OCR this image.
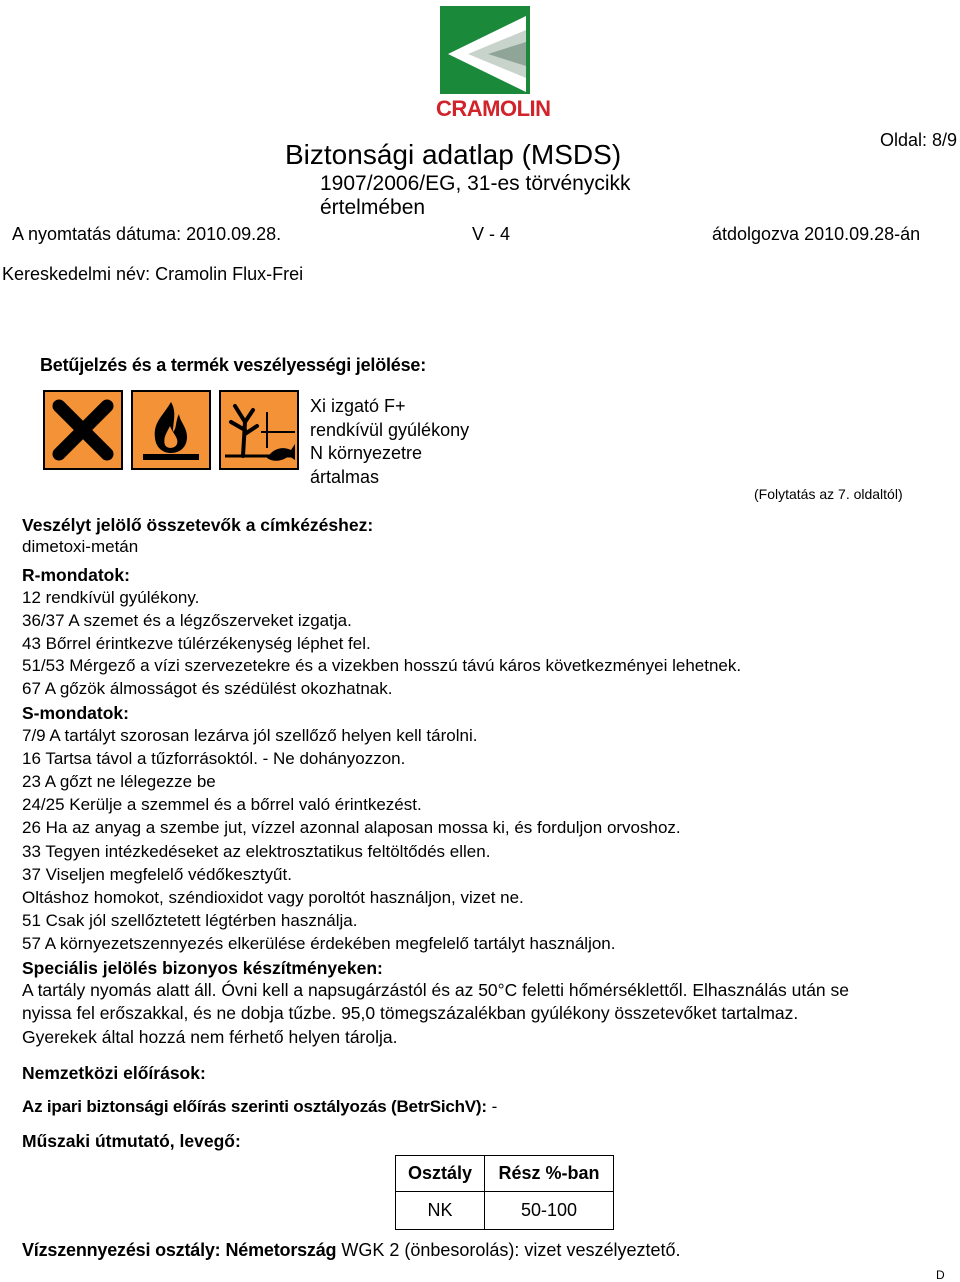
CRAMOLIN
Biztonsági adatlap (MSDS)
1907/2006/EG, 31-es törvénycikk értelmében
Oldal: 8/9
A nyomtatás dátuma: 2010.09.28.	V - 4	átdolgozva 2010.09.28-án
Kereskedelmi név: Cramolin Flux-Frei
Betűjelzés és a termék veszélyességi jelölése:
Xi izgató F+
rendkívül gyúlékony
N környezetre
ártalmas
(Folytatás az 7. oldaltól)
Veszélyt jelölő összetevők a címkézéshez:
dimetoxi-metán
R-mondatok:
12 rendkívül gyúlékony.
36/37 A szemet és a légzőszerveket izgatja.
43 Bőrrel érintkezve túlérzékenység léphet fel.
51/53 Mérgező a vízi szervezetekre és a vizekben hosszú távú káros következményei lehetnek.
67 A gőzök álmosságot és szédülést okozhatnak.
S-mondatok:
7/9 A tartályt szorosan lezárva jól szellőző helyen kell tárolni.
16 Tartsa távol a tűzforrásoktól. - Ne dohányozzon.
23 A gőzt ne lélegezze be
24/25 Kerülje a szemmel és a bőrrel való érintkezést.
26 Ha az anyag a szembe jut, vízzel azonnal alaposan mossa ki, és forduljon orvoshoz.
33 Tegyen intézkedéseket az elektrosztatikus feltöltődés ellen.
37 Viseljen megfelelő védőkesztyűt.
Oltáshoz homokot, széndioxidot vagy poroltót használjon, vizet ne.
51 Csak jól szellőztetett légtérben használja.
57 A környezetszennyezés elkerülése érdekében megfelelő tartályt használjon.
Speciális jelölés bizonyos készítményeken:
A tartály nyomás alatt áll. Óvni kell a napsugárzástól és az 50°C feletti hőmérséklettől. Elhasználás után se
nyissa fel erőszakkal, és ne dobja tűzbe. 95,0 tömegszázalékban gyúlékony összetevőket tartalmaz.
Gyerekek által hozzá nem férhető helyen tárolja.
Nemzetközi előírások:
Az ipari biztonsági előírás szerinti osztályozás (BetrSichV): -
Műszaki útmutató, levegő:
Osztály	Rész %-ban
NK	50-100
Vízszennyezési osztály: Németország WGK 2 (önbesorolás): vizet veszélyeztető.
D
